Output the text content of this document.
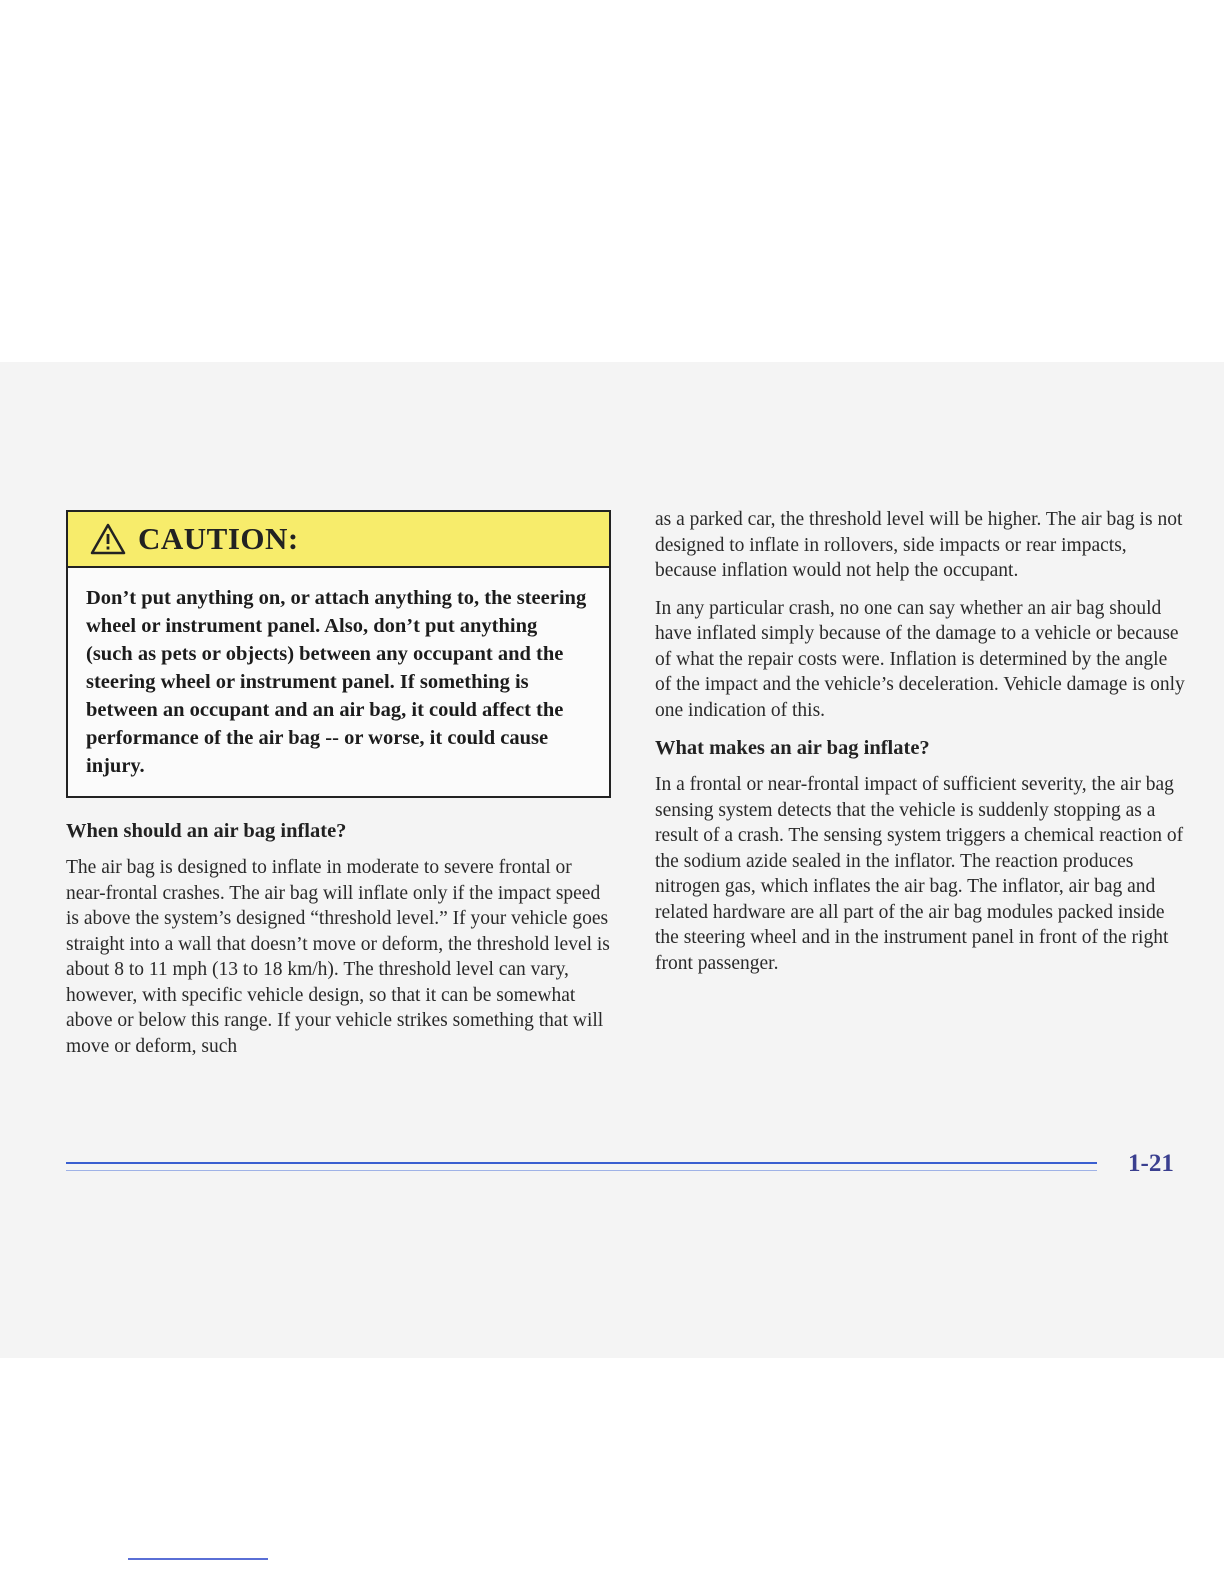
CAUTION:
Don’t put anything on, or attach anything to, the steering wheel or instrument panel. Also, don’t put anything (such as pets or objects) between any occupant and the steering wheel or instrument panel. If something is between an occupant and an air bag, it could affect the performance of the air bag -- or worse, it could cause injury.
When should an air bag inflate?

The air bag is designed to inflate in moderate to severe frontal or near-frontal crashes. The air bag will inflate only if the impact speed is above the system’s designed “threshold level.” If your vehicle goes straight into a wall that doesn’t move or deform, the threshold level is about 8 to 11 mph (13 to 18 km/h). The threshold level can vary, however, with specific vehicle design, so that it can be somewhat above or below this range. If your vehicle strikes something that will move or deform, such

as a parked car, the threshold level will be higher. The air bag is not designed to inflate in rollovers, side impacts or rear impacts, because inflation would not help the occupant.

In any particular crash, no one can say whether an air bag should have inflated simply because of the damage to a vehicle or because of what the repair costs were. Inflation is determined by the angle of the impact and the vehicle’s deceleration. Vehicle damage is only one indication of this.

What makes an air bag inflate?

In a frontal or near-frontal impact of sufficient severity, the air bag sensing system detects that the vehicle is suddenly stopping as a result of a crash. The sensing system triggers a chemical reaction of the sodium azide sealed in the inflator. The reaction produces nitrogen gas, which inflates the air bag. The inflator, air bag and related hardware are all part of the air bag modules packed inside the steering wheel and in the instrument panel in front of the right front passenger.

1-21
